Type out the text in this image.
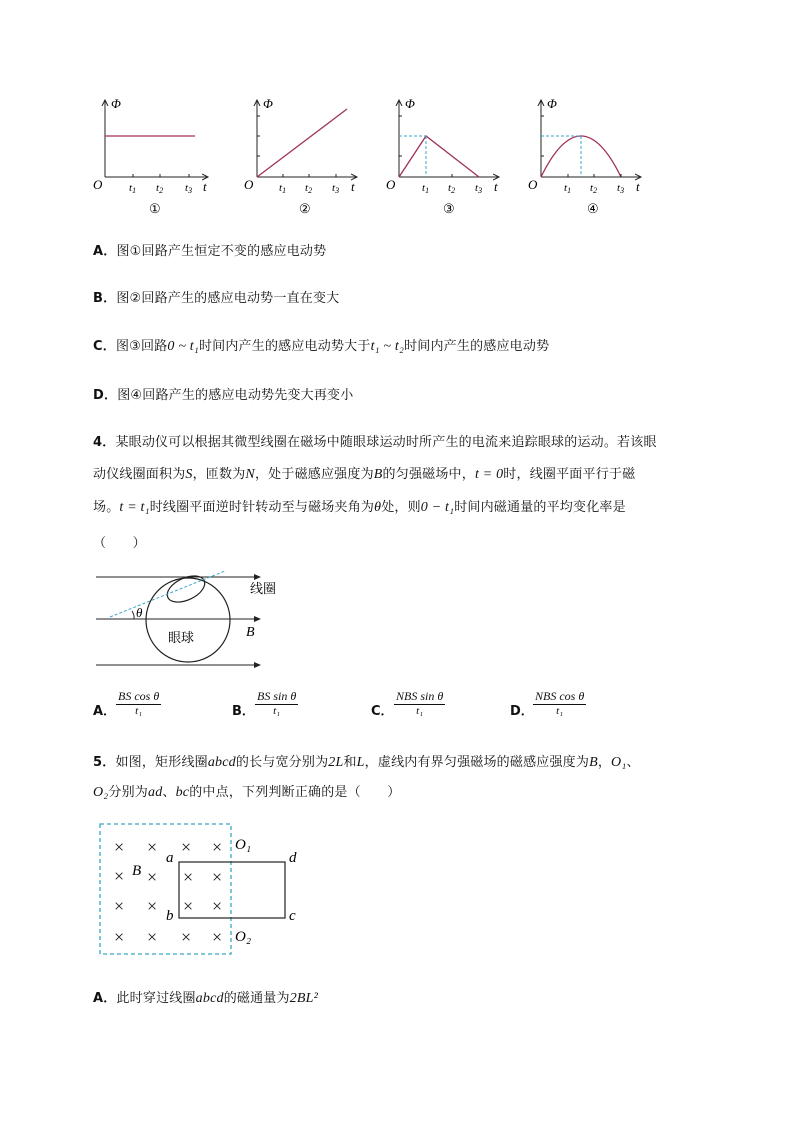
Φ
t
O t1 t2 t3
①
Φ
t
O t1 t2 t3
②
Φ
t
O t1 t2 t3
③
Φ
t
O t1 t2 t3
④
A．图①回路产生恒定不变的感应电动势
B．图②回路产生的感应电动势一直在变大
C．图③回路0 ~ t₁时间内产生的感应电动势大于t₁ ~ t₂时间内产生的感应电动势
D．图④回路产生的感应电动势先变大再变小
4．某眼动仪可以根据其微型线圈在磁场中随眼球运动时所产生的电流来追踪眼球的运动。若该眼
动仪线圈面积为S，匝数为N，处于磁感应强度为B的匀强磁场中，t = 0时，线圈平面平行于磁
场。t = t₁时线圈平面逆时针转动至与磁场夹角为θ处，则0 − t₁时间内磁通量的平均变化率是
（　　）
θ
线圈
眼球	B
A． $\frac{\text{BS cos θ}}{\text{t₁}}$	B． $\frac{\text{BS sin θ}}{\text{t₁}}$	C．
NBS sin θ
t₁	D．
NBS cos θ
t₁
5．如图，矩形线圈abcd的长与宽分别为2L和L，虚线内有界匀强磁场的磁感应强度为B，O₁、
O₂分别为ad、bc的中点，下列判断正确的是（　　）
× × × ×
× × × ×
× × × ×
× × × ×
B
a
b	c
d
O₁
O₂
A．此时穿过线圈abcd的磁通量为2BL²
